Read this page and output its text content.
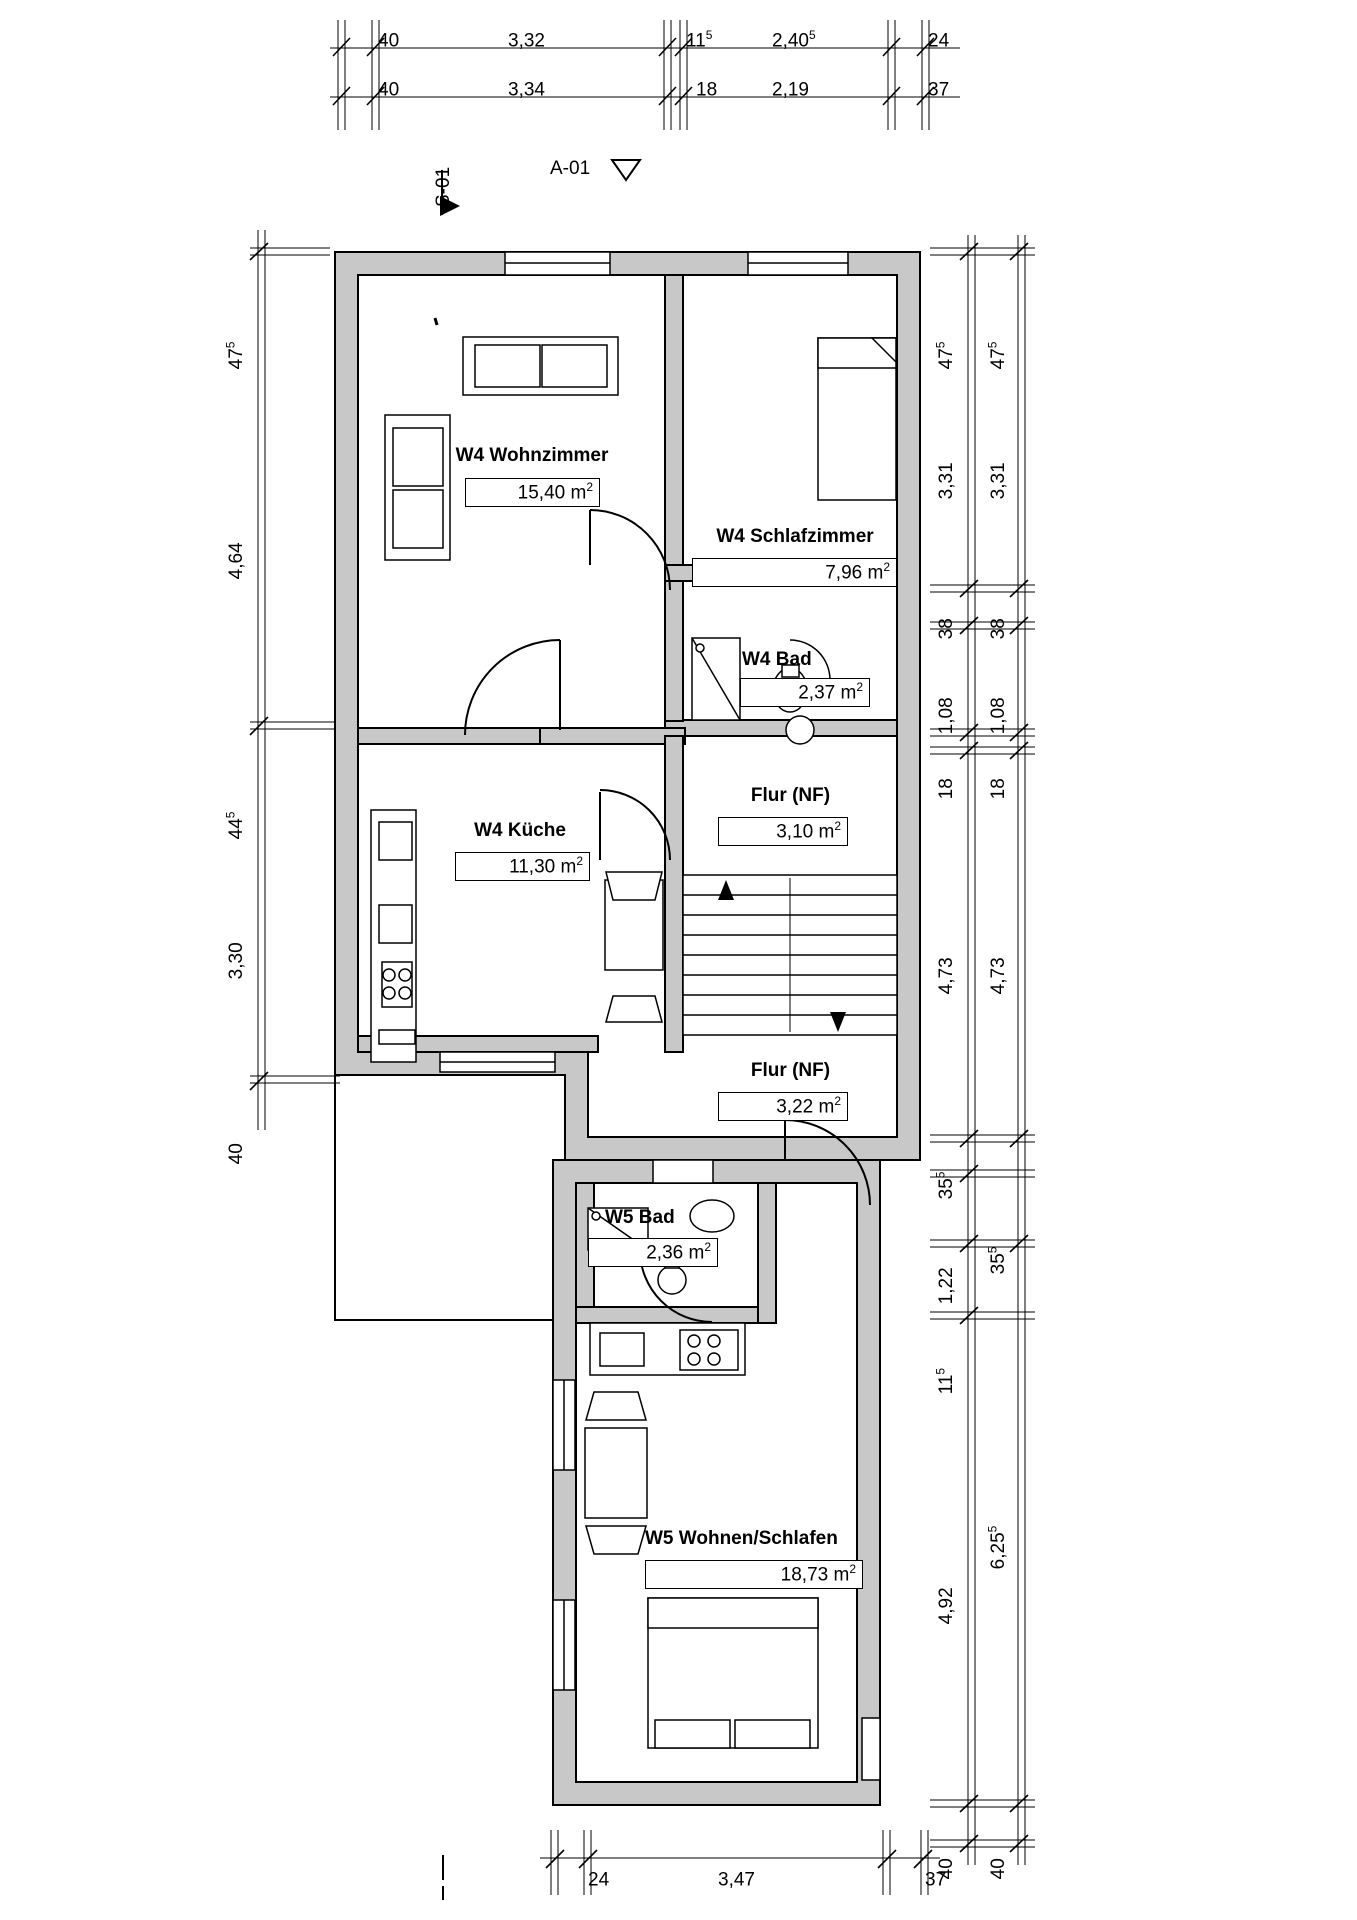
40	3,32	$11^5$	2,40$^5$	24
40	3,34	18	2,19	37
S-01	A-01
$47^5$
4,64
$44^5$
3,30
40
$47^5$
3,31
38
1,08
18
4,73
$35^5$
1,22
$11^5$
4,92
40
$47^5$
3,31
38
1,08
18
4,73
$35^5$
6,25$^5$
40
24	3,47	37
W4 Wohnzimmer
15,40 $m^2$
W4 Schlafzimmer
7,96 $m^2$
W4 Bad
2,37 $m^2$
W4 Küche
11,30 $m^2$
Flur (NF)
3,10 $m^2$
Flur (NF)
3,22 $m^2$
W5 Bad
2,36 $m^2$
W5 Wohnen/Schlafen
18,73 $m^2$
